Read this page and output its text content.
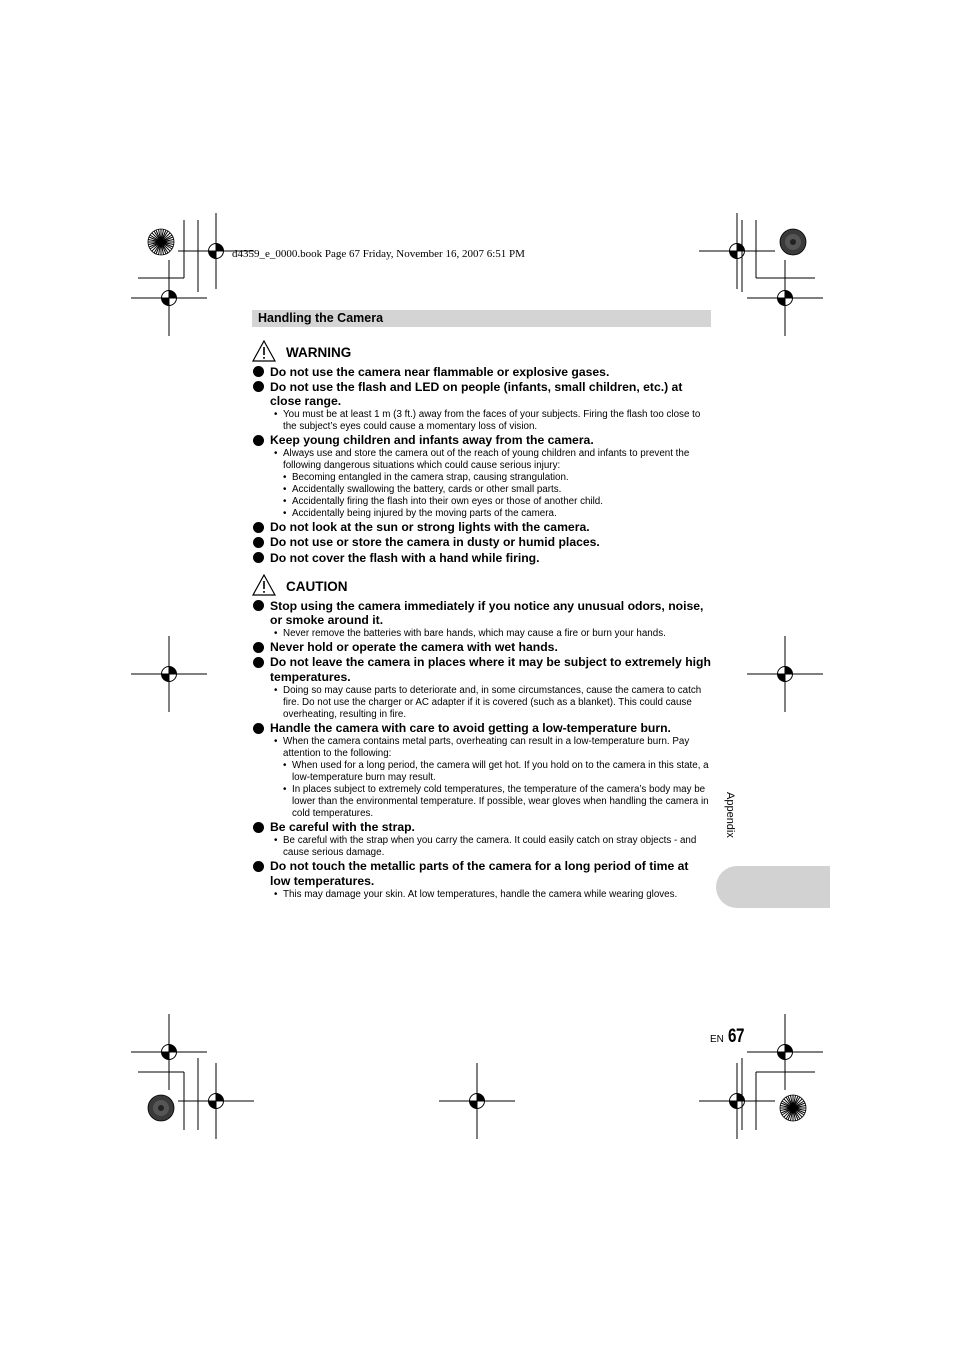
d4359_e_0000.book Page 67 Friday, November 16, 2007 6:51 PM
Handling the Camera
WARNING
Do not use the camera near flammable or explosive gases.
Do not use the flash and LED on people (infants, small children, etc.) at close range.
• You must be at least 1 m (3 ft.) away from the faces of your subjects. Firing the flash too close to the subject’s eyes could cause a momentary loss of vision.
Keep young children and infants away from the camera.
• Always use and store the camera out of the reach of young children and infants to prevent the following dangerous situations which could cause serious injury:
• Becoming entangled in the camera strap, causing strangulation.
• Accidentally swallowing the battery, cards or other small parts.
• Accidentally firing the flash into their own eyes or those of another child.
• Accidentally being injured by the moving parts of the camera.
Do not look at the sun or strong lights with the camera.
Do not use or store the camera in dusty or humid places.
Do not cover the flash with a hand while firing.
CAUTION
Stop using the camera immediately if you notice any unusual odors, noise, or smoke around it.
• Never remove the batteries with bare hands, which may cause a fire or burn your hands.
Never hold or operate the camera with wet hands.
Do not leave the camera in places where it may be subject to extremely high temperatures.
• Doing so may cause parts to deteriorate and, in some circumstances, cause the camera to catch fire. Do not use the charger or AC adapter if it is covered (such as a blanket). This could cause overheating, resulting in fire.
Handle the camera with care to avoid getting a low-temperature burn.
• When the camera contains metal parts, overheating can result in a low-temperature burn. Pay attention to the following:
• When used for a long period, the camera will get hot. If you hold on to the camera in this state, a low-temperature burn may result.
• In places subject to extremely cold temperatures, the temperature of the camera’s body may be lower than the environmental temperature. If possible, wear gloves when handling the camera in cold temperatures.
Be careful with the strap.
• Be careful with the strap when you carry the camera. It could easily catch on stray objects - and cause serious damage.
Do not touch the metallic parts of the camera for a long period of time at low temperatures.
• This may damage your skin. At low temperatures, handle the camera while wearing gloves.
Appendix
EN 67
